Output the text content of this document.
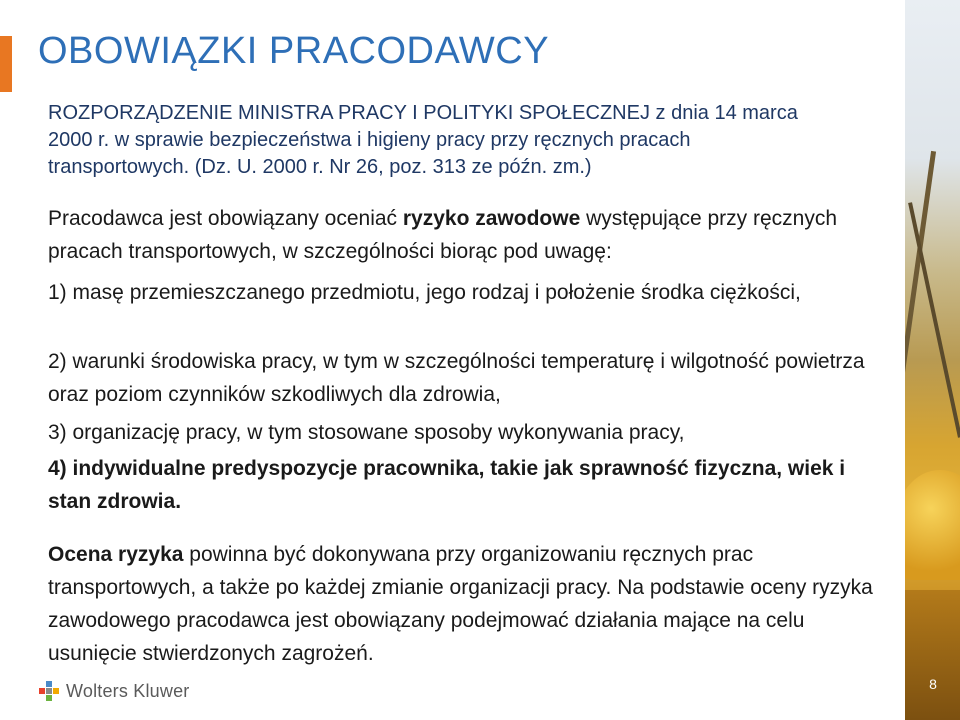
OBOWIĄZKI PRACODAWCY
ROZPORZĄDZENIE MINISTRA PRACY I POLITYKI SPOŁECZNEJ z dnia 14 marca 2000 r. w sprawie bezpieczeństwa i higieny pracy przy ręcznych pracach transportowych. (Dz. U. 2000 r. Nr 26, poz. 313 ze późn. zm.)
Pracodawca jest obowiązany oceniać ryzyko zawodowe występujące przy ręcznych pracach transportowych, w szczególności biorąc pod uwagę:
1) masę przemieszczanego przedmiotu, jego rodzaj i położenie środka ciężkości,
2) warunki środowiska pracy, w tym w szczególności temperaturę i wilgotność powietrza oraz poziom czynników szkodliwych dla zdrowia,
3) organizację pracy, w tym stosowane sposoby wykonywania pracy,
4) indywidualne predyspozycje pracownika, takie jak sprawność fizyczna, wiek i stan zdrowia.
Ocena ryzyka powinna być dokonywana przy organizowaniu ręcznych prac transportowych, a także po każdej zmianie organizacji pracy. Na podstawie oceny ryzyka zawodowego pracodawca jest obowiązany podejmować działania mające na celu usunięcie stwierdzonych zagrożeń.
8
Wolters Kluwer
